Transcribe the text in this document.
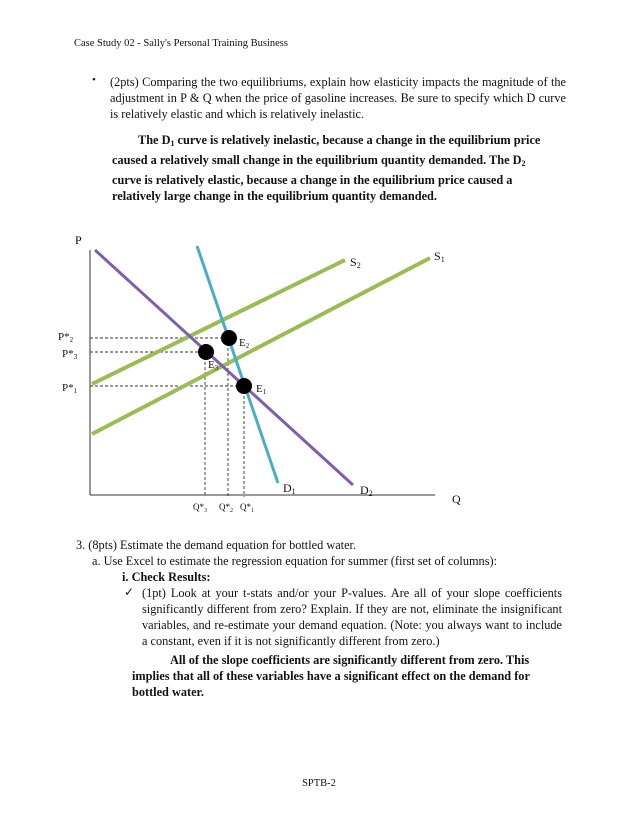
Case Study 02 - Sally's Personal Training Business
• (2pts) Comparing the two equilibriums, explain how elasticity impacts the magnitude of the adjustment in P & Q when the price of gasoline increases. Be sure to specify which D curve is relatively elastic and which is relatively inelastic.
The $D_1$ curve is relatively inelastic, because a change in the equilibrium price caused a relatively small change in the equilibrium quantity demanded. The $D_2$ curve is relatively elastic, because a change in the equilibrium price caused a relatively large change in the equilibrium quantity demanded.
P
Q
S1
S2
D1	D2
E2
E3
E1
P*2
P*3
P*1
$Q*_3$ $Q*_2$ $Q*_1$
3. (8pts) Estimate the demand equation for bottled water.
a. Use Excel to estimate the regression equation for summer (first set of columns):
i. Check Results:
✓ (1pt) Look at your t-stats and/or your P-values. Are all of your slope coefficients significantly different from zero? Explain. If they are not, eliminate the insignificant variables, and re-estimate your demand equation. (Note: you always want to include a constant, even if it is not significantly different from zero.)
All of the slope coefficients are significantly different from zero. This implies that all of these variables have a significant effect on the demand for bottled water.
SPTB-2
